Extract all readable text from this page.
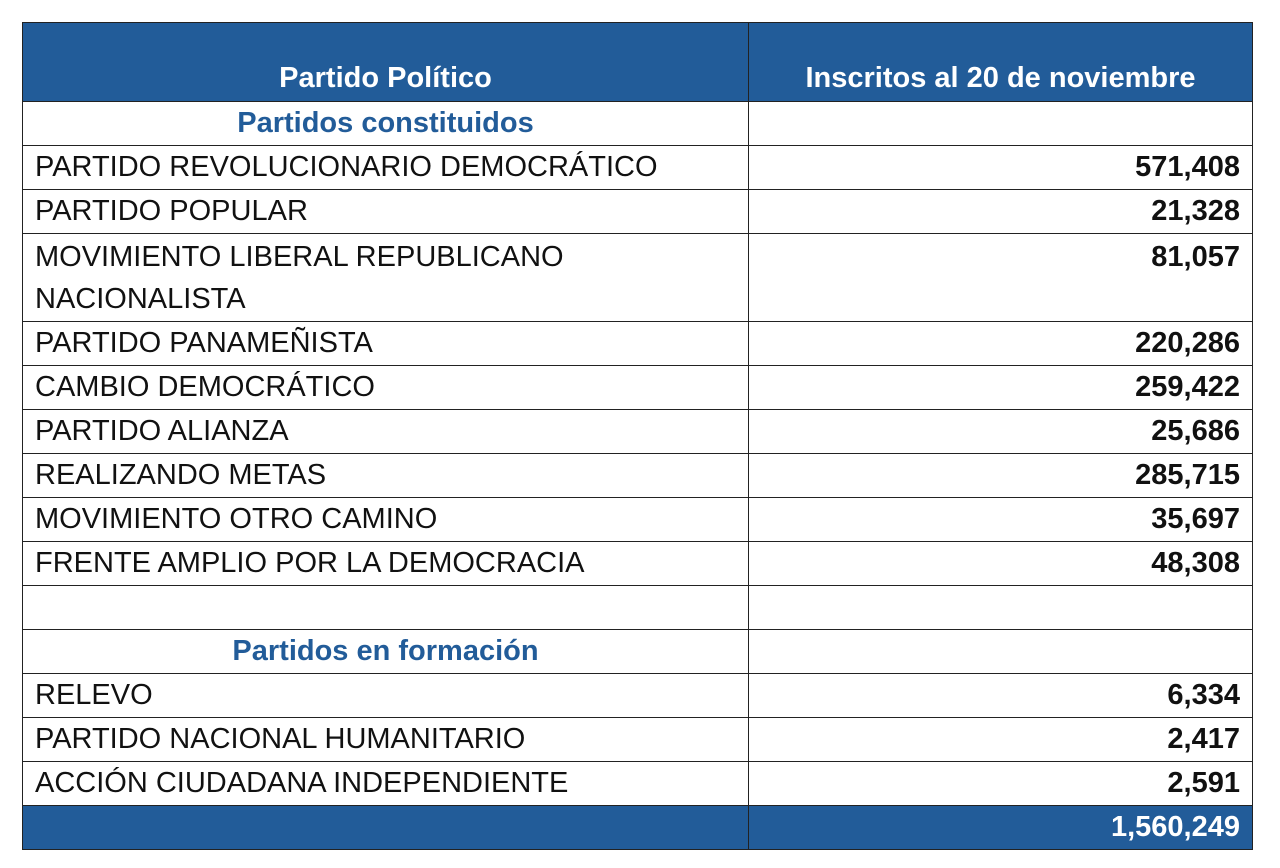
Partido Político	Inscritos al 20 de noviembre
Partidos constituidos	
PARTIDO REVOLUCIONARIO DEMOCRÁTICO	571,408
PARTIDO POPULAR	21,328
MOVIMIENTO LIBERAL REPUBLICANO NACIONALISTA	81,057
PARTIDO PANAMEÑISTA	220,286
CAMBIO DEMOCRÁTICO	259,422
PARTIDO ALIANZA	25,686
REALIZANDO METAS	285,715
MOVIMIENTO OTRO CAMINO	35,697
FRENTE AMPLIO POR LA DEMOCRACIA	48,308

Partidos en formación	
RELEVO	6,334
PARTIDO NACIONAL HUMANITARIO	2,417
ACCIÓN CIUDADANA INDEPENDIENTE	2,591
	1,560,249
